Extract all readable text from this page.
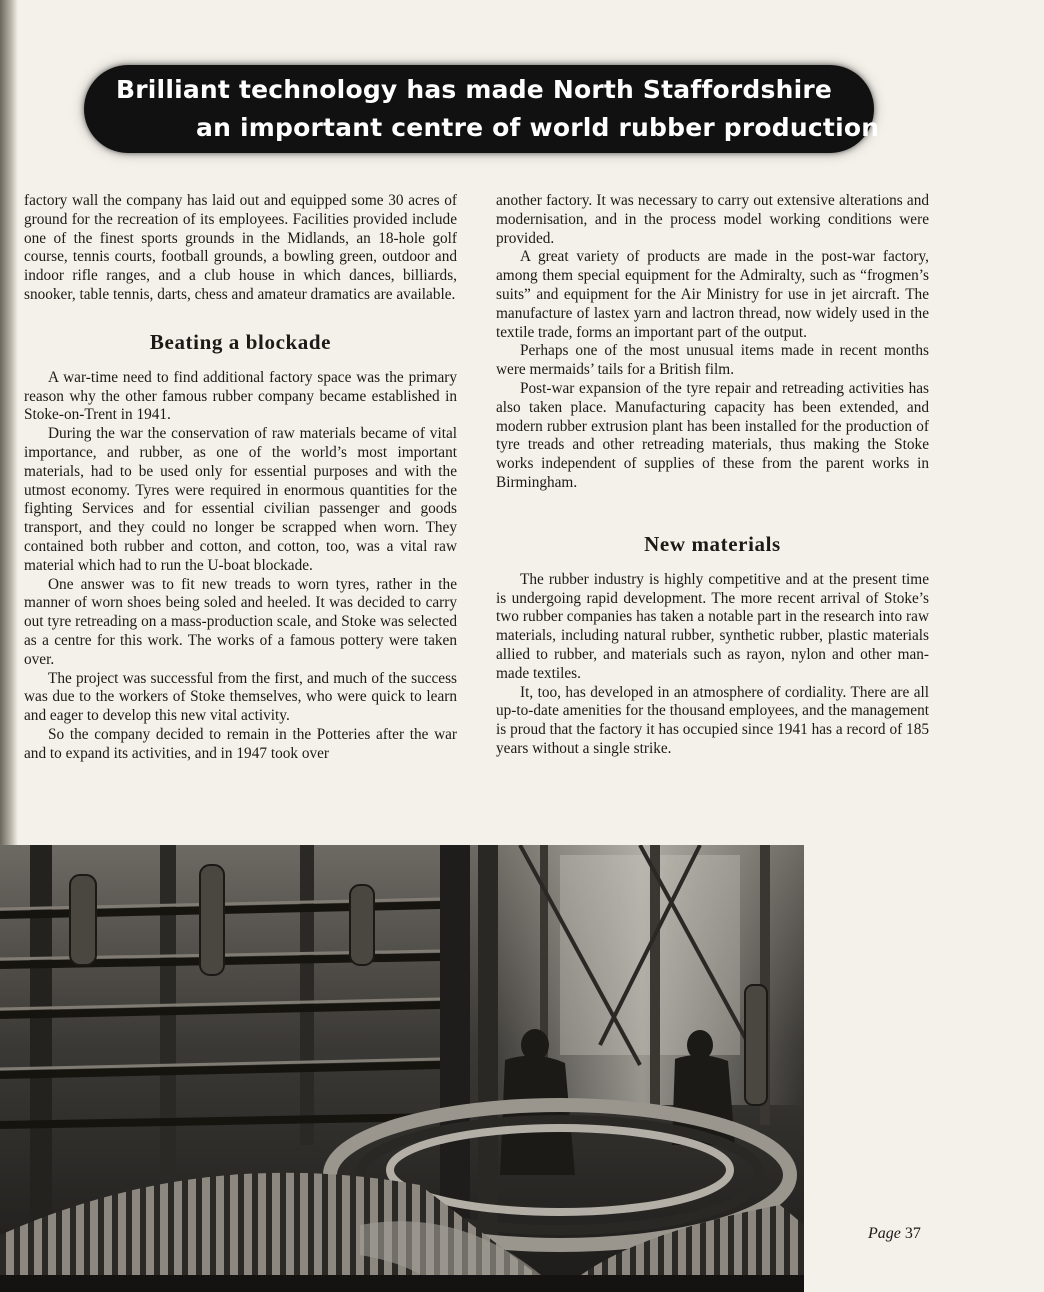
Brilliant technology has made North Staffordshire
an important centre of world rubber production

factory wall the company has laid out and equipped some 30 acres of ground for the recreation of its employees. Facilities provided include one of the finest sports grounds in the Midlands, an 18-hole golf course, tennis courts, football grounds, a bowling green, outdoor and indoor rifle ranges, and a club house in which dances, billiards, snooker, table tennis, darts, chess and amateur dramatics are available.

Beating a blockade

A war-time need to find additional factory space was the primary reason why the other famous rubber company became established in Stoke-on-Trent in 1941.

During the war the conservation of raw materials became of vital importance, and rubber, as one of the world’s most important materials, had to be used only for essential purposes and with the utmost economy. Tyres were required in enormous quantities for the fighting Services and for essential civilian passenger and goods transport, and they could no longer be scrapped when worn. They contained both rubber and cotton, and cotton, too, was a vital raw material which had to run the U-boat blockade.

One answer was to fit new treads to worn tyres, rather in the manner of worn shoes being soled and heeled. It was decided to carry out tyre retreading on a mass-production scale, and Stoke was selected as a centre for this work. The works of a famous pottery were taken over.

The project was successful from the first, and much of the success was due to the workers of Stoke themselves, who were quick to learn and eager to develop this new vital activity.

So the company decided to remain in the Potteries after the war and to expand its activities, and in 1947 took over

another factory. It was necessary to carry out extensive alterations and modernisation, and in the process model working conditions were provided.

A great variety of products are made in the post-war factory, among them special equipment for the Admiralty, such as “frogmen’s suits” and equipment for the Air Ministry for use in jet aircraft. The manufacture of lastex yarn and lactron thread, now widely used in the textile trade, forms an important part of the output.

Perhaps one of the most unusual items made in recent months were mermaids’ tails for a British film.

Post-war expansion of the tyre repair and retreading activities has also taken place. Manufacturing capacity has been extended, and modern rubber extrusion plant has been installed for the production of tyre treads and other retreading materials, thus making the Stoke works independent of supplies of these from the parent works in Birmingham.

New materials

The rubber industry is highly competitive and at the present time is undergoing rapid development. The more recent arrival of Stoke’s two rubber companies has taken a notable part in the research into raw materials, including natural rubber, synthetic rubber, plastic materials allied to rubber, and materials such as rayon, nylon and other man-made textiles.

It, too, has developed in an atmosphere of cordiality. There are all up-to-date amenities for the thousand employees, and the management is proud that the factory it has occupied since 1941 has a record of 185 years without a single strike.

Page 37
